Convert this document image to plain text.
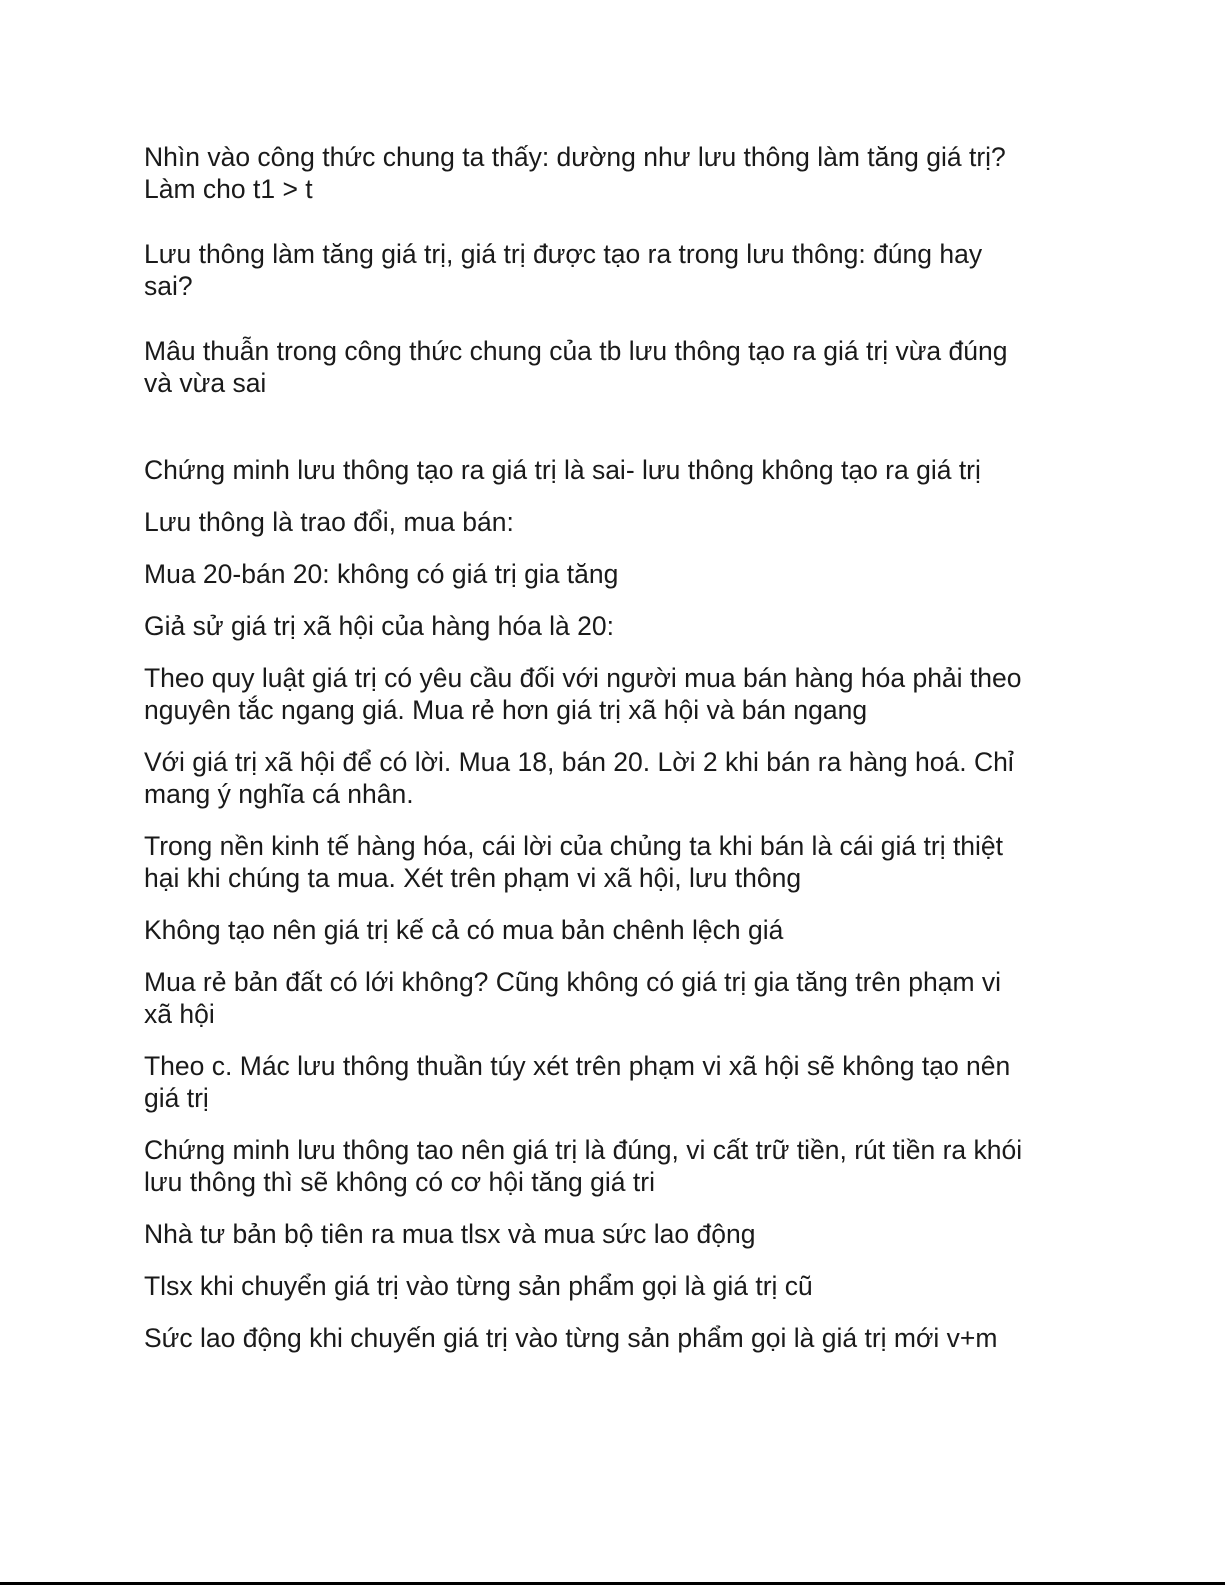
Nhìn vào công thức chung ta thấy: dường như lưu thông làm tăng giá trị?
Làm cho t1 > t

Lưu thông làm tăng giá trị, giá trị được tạo ra trong lưu thông: đúng hay
sai?

Mâu thuẫn trong công thức chung của tb lưu thông tạo ra giá trị vừa đúng
và vừa sai

Chứng minh lưu thông tạo ra giá trị là sai- lưu thông không tạo ra giá trị

Lưu thông là trao đổi, mua bán:

Mua 20-bán 20: không có giá trị gia tăng

Giả sử giá trị xã hội của hàng hóa là 20:

Theo quy luật giá trị có yêu cầu đối với người mua bán hàng hóa phải theo
nguyên tắc ngang giá. Mua rẻ hơn giá trị xã hội và bán ngang

Với giá trị xã hội để có lời. Mua 18, bán 20. Lời 2 khi bán ra hàng hoá. Chỉ
mang ý nghĩa cá nhân.

Trong nền kinh tế hàng hóa, cái lời của chủng ta khi bán là cái giá trị thiệt
hại khi chúng ta mua. Xét trên phạm vi xã hội, lưu thông

Không tạo nên giá trị kế cả có mua bản chênh lệch giá

Mua rẻ bản đất có lới không? Cũng không có giá trị gia tăng trên phạm vi
xã hội

Theo c. Mác lưu thông thuần túy xét trên phạm vi xã hội sẽ không tạo nên
giá trị

Chứng minh lưu thông tao nên giá trị là đúng, vi cất trữ tiền, rút tiền ra khói
lưu thông thì sẽ không có cơ hội tăng giá tri

Nhà tư bản bộ tiên ra mua tlsx và mua sức lao động

Tlsx khi chuyển giá trị vào từng sản phẩm gọi là giá trị cũ

Sức lao động khi chuyến giá trị vào từng sản phẩm gọi là giá trị mới v+m
